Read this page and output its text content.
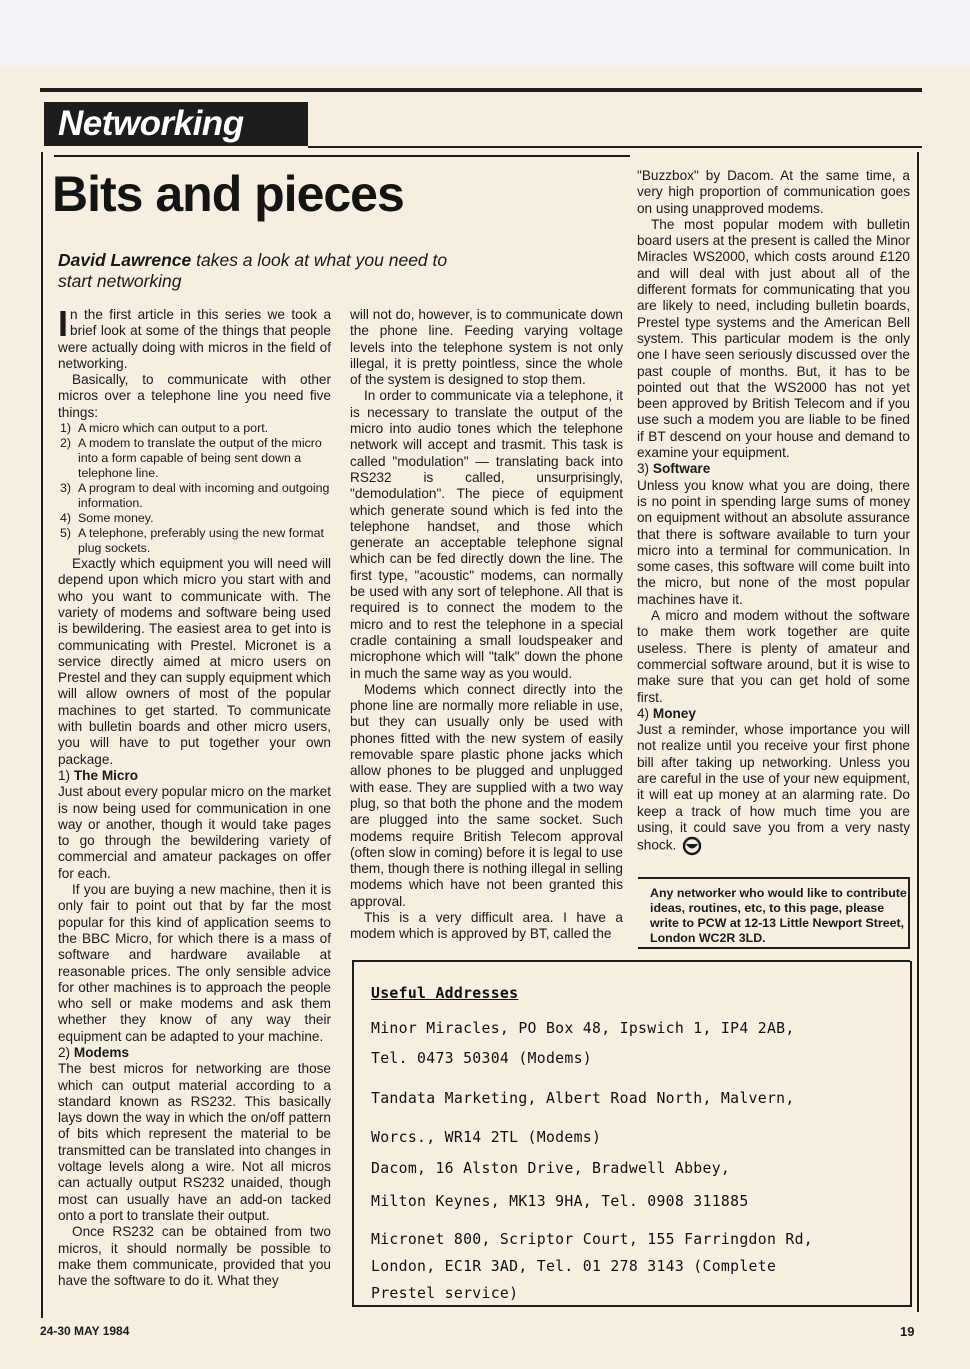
Networking
Bits and pieces
David Lawrence takes a look at what you need to start networking

In the first article in this series we took a brief look at some of the things that people were actually doing with micros in the field of networking.

Basically, to communicate with other micros over a telephone line you need five things:

1) A micro which can output to a port.
2) A modem to translate the output of the micro into a form capable of being sent down a telephone line.
3) A program to deal with incoming and outgoing information.
4) Some money.
5) A telephone, preferably using the new format plug sockets.

Exactly which equipment you will need will depend upon which micro you start with and who you want to communicate with. The variety of modems and software being used is bewildering. The easiest area to get into is communicating with Prestel. Micronet is a service directly aimed at micro users on Prestel and they can supply equipment which will allow owners of most of the popular machines to get started. To communicate with bulletin boards and other micro users, you will have to put together your own package.

1) The Micro

Just about every popular micro on the market is now being used for communication in one way or another, though it would take pages to go through the bewildering variety of commercial and amateur packages on offer for each.

If you are buying a new machine, then it is only fair to point out that by far the most popular for this kind of application seems to the BBC Micro, for which there is a mass of software and hardware available at reasonable prices. The only sensible advice for other machines is to approach the people who sell or make modems and ask them whether they know of any way their equipment can be adapted to your machine.

2) Modems

The best micros for networking are those which can output material according to a standard known as RS232. This basically lays down the way in which the on/off pattern of bits which represent the material to be transmitted can be translated into changes in voltage levels along a wire. Not all micros can actually output RS232 unaided, though most can usually have an add-on tacked onto a port to translate their output.

Once RS232 can be obtained from two micros, it should normally be possible to make them communicate, provided that you have the software to do it. What they

will not do, however, is to communicate down the phone line. Feeding varying voltage levels into the telephone system is not only illegal, it is pretty pointless, since the whole of the system is designed to stop them.

In order to communicate via a telephone, it is necessary to translate the output of the micro into audio tones which the telephone network will accept and trasmit. This task is called "modulation" — translating back into RS232 is called, unsurprisingly, "demodulation". The piece of equipment which generate sound which is fed into the telephone handset, and those which generate an acceptable telephone signal which can be fed directly down the line. The first type, "acoustic" modems, can normally be used with any sort of telephone. All that is required is to connect the modem to the micro and to rest the telephone in a special cradle containing a small loudspeaker and microphone which will "talk" down the phone in much the same way as you would.

Modems which connect directly into the phone line are normally more reliable in use, but they can usually only be used with phones fitted with the new system of easily removable spare plastic phone jacks which allow phones to be plugged and unplugged with ease. They are supplied with a two way plug, so that both the phone and the modem are plugged into the same socket. Such modems require British Telecom approval (often slow in coming) before it is legal to use them, though there is nothing illegal in selling modems which have not been granted this approval.

This is a very difficult area. I have a modem which is approved by BT, called the

"Buzzbox" by Dacom. At the same time, a very high proportion of communication goes on using unapproved modems.

The most popular modem with bulletin board users at the present is called the Minor Miracles WS2000, which costs around £120 and will deal with just about all of the different formats for communicating that you are likely to need, including bulletin boards, Prestel type systems and the American Bell system. This particular modem is the only one I have seen seriously discussed over the past couple of months. But, it has to be pointed out that the WS2000 has not yet been approved by British Telecom and if you use such a modem you are liable to be fined if BT descend on your house and demand to examine your equipment.

3) Software

Unless you know what you are doing, there is no point in spending large sums of money on equipment without an absolute assurance that there is software available to turn your micro into a terminal for communication. In some cases, this software will come built into the micro, but none of the most popular machines have it.

A micro and modem without the software to make them work together are quite useless. There is plenty of amateur and commercial software around, but it is wise to make sure that you can get hold of some first.

4) Money

Just a reminder, whose importance you will not realize until you receive your first phone bill after taking up networking. Unless you are careful in the use of your new equipment, it will eat up money at an alarming rate. Do keep a track of how much time you are using, it could save you from a very nasty shock.

Any networker who would like to contribute ideas, routines, etc, to this page, please write to PCW at 12-13 Little Newport Street, London WC2R 3LD.

Useful Addresses
Minor Miracles, PO Box 48, Ipswich 1, IP4 2AB,
Tel. 0473 50304 (Modems)
Tandata Marketing, Albert Road North, Malvern,
Worcs., WR14 2TL (Modems)
Dacom, 16 Alston Drive, Bradwell Abbey,
Milton Keynes, MK13 9HA, Tel. 0908 311885
Micronet 800, Scriptor Court, 155 Farringdon Rd,
London, EC1R 3AD, Tel. 01 278 3143 (Complete
Prestel service)
24-30 MAY 1984	19
